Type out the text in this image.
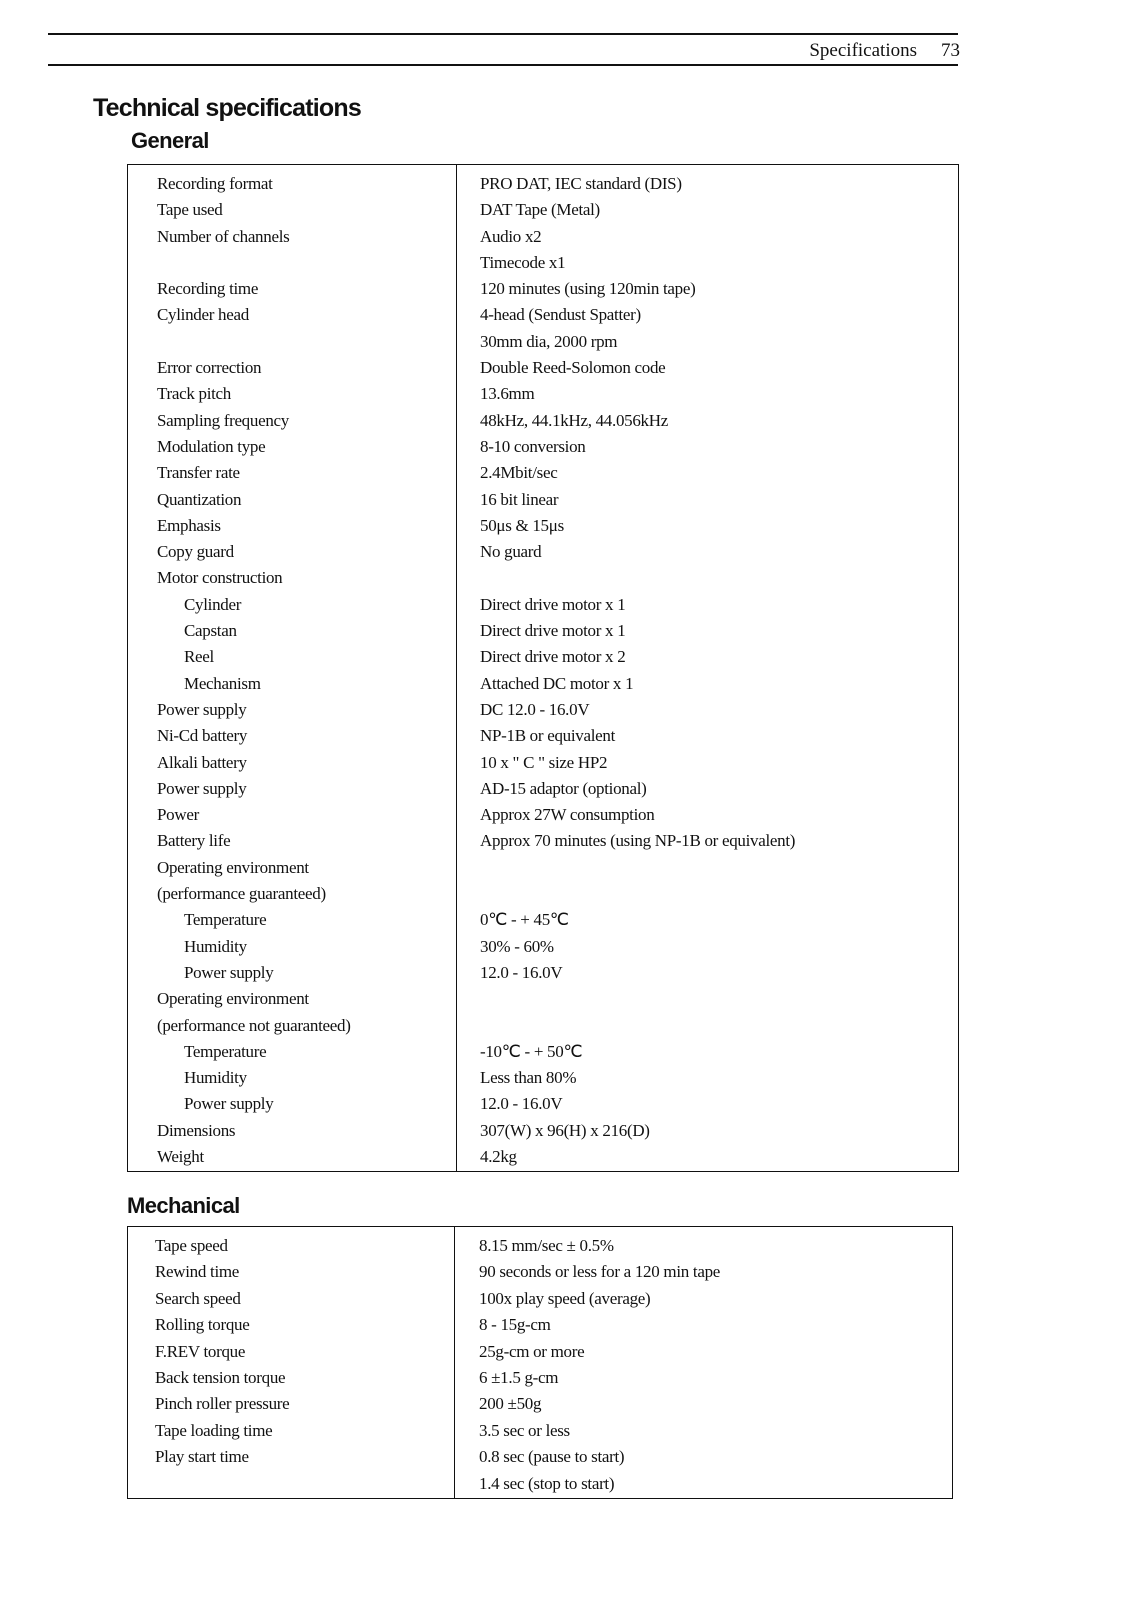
Specifications 73
Technical specifications
General
Recording format
Tape used
Number of channels
Recording time
Cylinder head
Error correction
Track pitch
Sampling frequency
Modulation type
Transfer rate
Quantization
Emphasis
Copy guard
Motor construction
Cylinder
Capstan
Reel
Mechanism
Power supply
Ni-Cd battery
Alkali battery
Power supply
Power
Battery life
Operating environment
(performance guaranteed)
Temperature
Humidity
Power supply
Operating environment
(performance not guaranteed)
Temperature
Humidity
Power supply
Dimensions
Weight
PRO DAT, IEC standard (DIS)
DAT Tape (Metal)
Audio x2
Timecode x1
120 minutes (using 120min tape)
4-head (Sendust Spatter)
30mm dia, 2000 rpm
Double Reed-Solomon code
13.6mm
48kHz, 44.1kHz, 44.056kHz
8-10 conversion
2.4Mbit/sec
16 bit linear
50μs & 15μs
No guard
Direct drive motor x 1
Direct drive motor x 1
Direct drive motor x 2
Attached DC motor x 1
DC 12.0 - 16.0V
NP-1B or equivalent
10 x " C " size HP2
AD-15 adaptor (optional)
Approx 27W consumption
Approx 70 minutes (using NP-1B or equivalent)
0℃ - + 45℃
30% - 60%
12.0 - 16.0V
-10℃ - + 50℃
Less than 80%
12.0 - 16.0V
307(W) x 96(H) x 216(D)
4.2kg
Mechanical
Tape speed
Rewind time
Search speed
Rolling torque
F.REV torque
Back tension torque
Pinch roller pressure
Tape loading time
Play start time
8.15 mm/sec ± 0.5%
90 seconds or less for a 120 min tape
100x play speed (average)
8 - 15g-cm
25g-cm or more
6 ±1.5 g-cm
200 ±50g
3.5 sec or less
0.8 sec (pause to start)
1.4 sec (stop to start)
